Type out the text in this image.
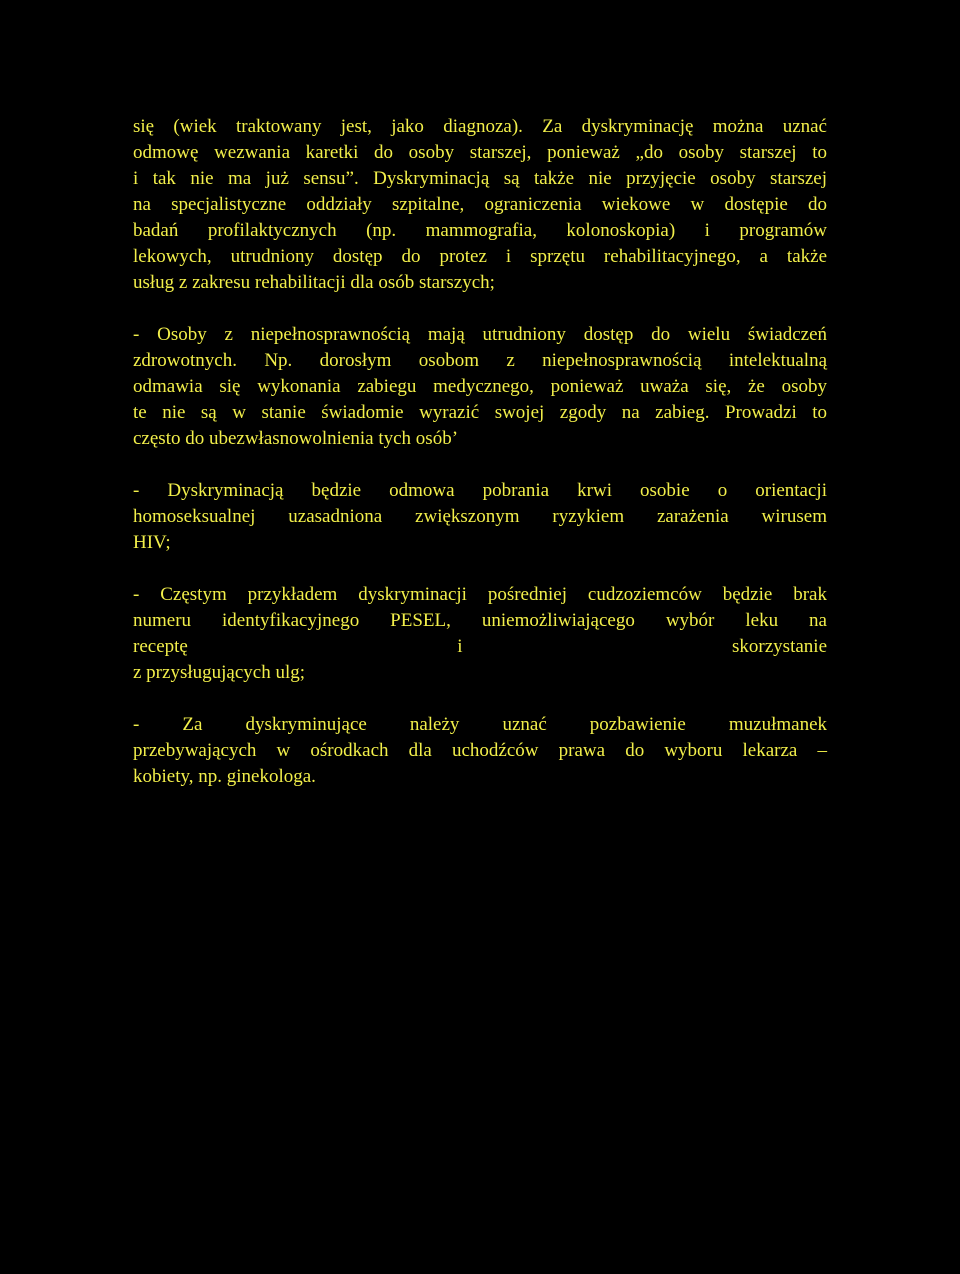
się (wiek traktowany jest, jako diagnoza). Za dyskryminację można uznać
odmowę wezwania karetki do osoby starszej, ponieważ „do osoby starszej to
i tak nie ma już sensu”. Dyskryminacją są także nie przyjęcie osoby starszej
na specjalistyczne oddziały szpitalne, ograniczenia wiekowe w dostępie do
badań profilaktycznych (np. mammografia, kolonoskopia) i programów
lekowych, utrudniony dostęp do protez i sprzętu rehabilitacyjnego, a także
usług z zakresu rehabilitacji dla osób starszych;

- Osoby z niepełnosprawnością mają utrudniony dostęp do wielu świadczeń
zdrowotnych. Np. dorosłym osobom z niepełnosprawnością intelektualną
odmawia się wykonania zabiegu medycznego, ponieważ uważa się, że osoby
te nie są w stanie świadomie wyrazić swojej zgody na zabieg. Prowadzi to
często do ubezwłasnowolnienia tych osób’

- Dyskryminacją będzie odmowa pobrania krwi osobie o orientacji
homoseksualnej uzasadniona zwiększonym ryzykiem zarażenia wirusem
HIV;

- Częstym przykładem dyskryminacji pośredniej cudzoziemców będzie brak
numeru identyfikacyjnego PESEL, uniemożliwiającego wybór leku na
receptę i skorzystanie
z przysługujących ulg;

- Za dyskryminujące należy uznać pozbawienie muzułmanek
przebywających w ośrodkach dla uchodźców prawa do wyboru lekarza –
kobiety, np. ginekologa.
